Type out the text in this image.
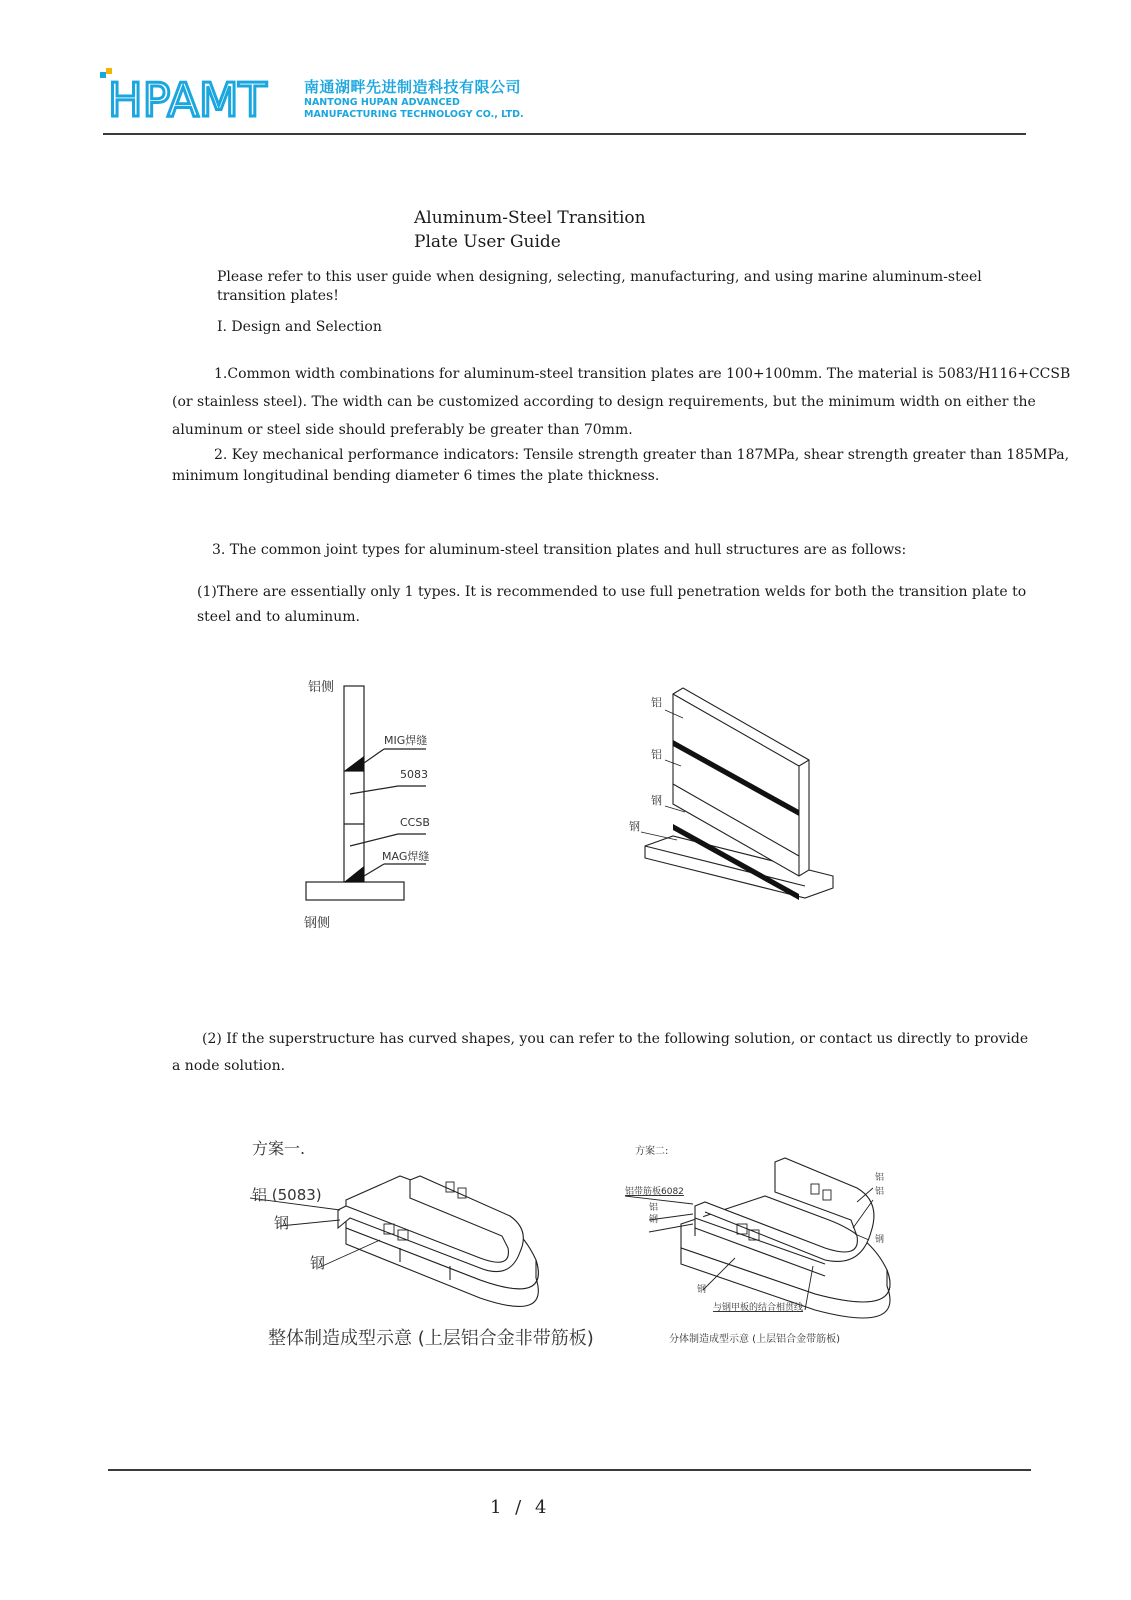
HPAMT 南通湖畔先进制造科技有限公司
NANTONG HUPAN ADVANCED
MANUFACTURING TECHNOLOGY CO., LTD.
Aluminum-Steel Transition
Plate User Guide
Please refer to this user guide when designing, selecting, manufacturing, and using marine aluminum-steel transition plates!
I. Design and Selection
1.Common width combinations for aluminum-steel transition plates are 100+100mm. The material is 5083/H116+CCSB (or stainless steel). The width can be customized according to design requirements, but the minimum width on either the aluminum or steel side should preferably be greater than 70mm.
2. Key mechanical performance indicators: Tensile strength greater than 187MPa, shear strength greater than 185MPa, minimum longitudinal bending diameter 6 times the plate thickness.
3. The common joint types for aluminum-steel transition plates and hull structures are as follows:
(1)There are essentially only 1 types. It is recommended to use full penetration welds for both the transition plate to steel and to aluminum.
铝侧
MIG焊缝
5083
CCSB
MAG焊缝
钢侧
铝
铝
钢
钢
(2) If the superstructure has curved shapes, you can refer to the following solution, or contact us directly to provide a node solution.
方案一.
铝 (5083)
钢
钢
整体制造成型示意 (上层铝合金非带筋板)
方案二:
铝带筋板6082
铝
钢
铝
铝
钢
钢
与钢甲板的结合相贯线
分体制造成型示意 (上层铝合金带筋板)
1 / 4
